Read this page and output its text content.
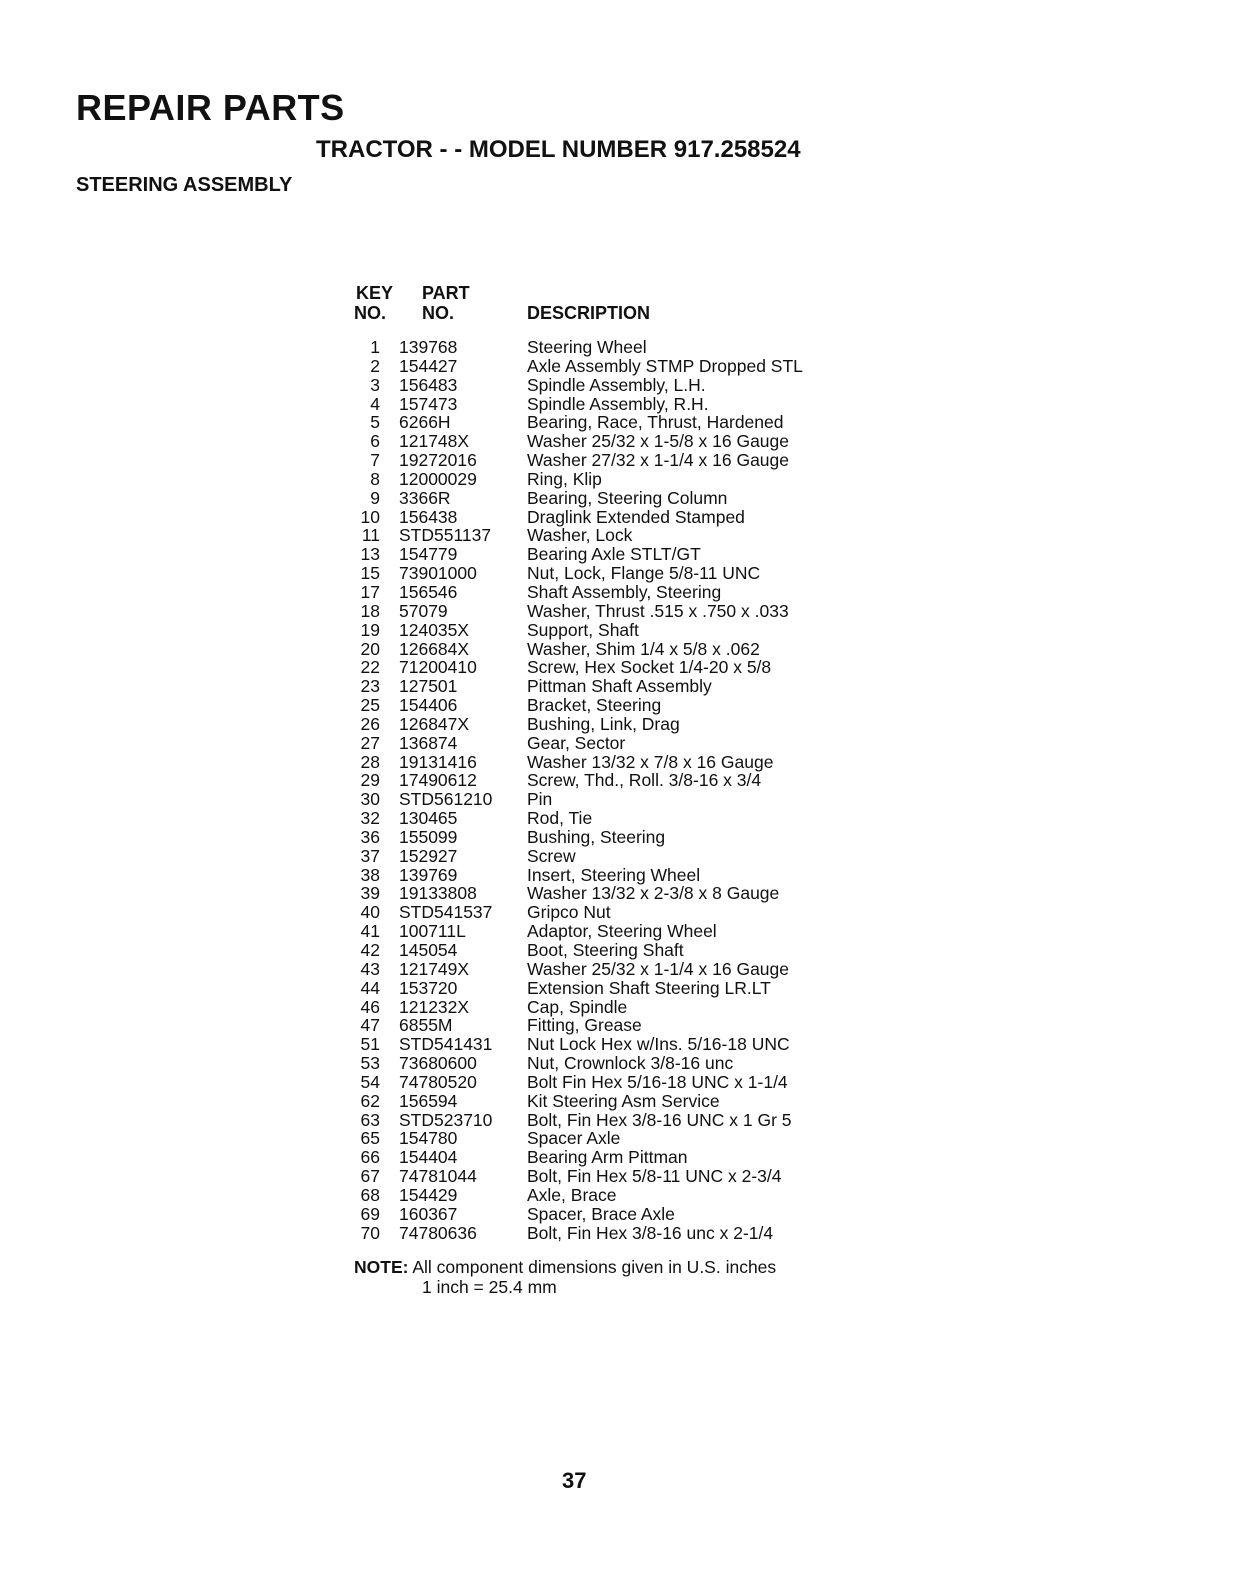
REPAIR PARTS
TRACTOR - - MODEL NUMBER 917.258524
STEERING ASSEMBLY
KEY
NO.
PART
NO.	DESCRIPTION
1	139768	Steering Wheel
2	154427	Axle Assembly STMP Dropped STL
3	156483	Spindle Assembly, L.H.
4	157473	Spindle Assembly, R.H.
5	6266H	Bearing, Race, Thrust, Hardened
6	121748X	Washer 25/32 x 1-5/8 x 16 Gauge
7	19272016	Washer 27/32 x 1-1/4 x 16 Gauge
8	12000029	Ring, Klip
9	3366R	Bearing, Steering Column
10	156438	Draglink Extended Stamped
11	STD551137	Washer, Lock
13	154779	Bearing Axle STLT/GT
15	73901000	Nut, Lock, Flange 5/8-11 UNC
17	156546	Shaft Assembly, Steering
18	57079	Washer, Thrust .515 x .750 x .033
19	124035X	Support, Shaft
20	126684X	Washer, Shim 1/4 x 5/8 x .062
22	71200410	Screw, Hex Socket 1/4-20 x 5/8
23	127501	Pittman Shaft Assembly
25	154406	Bracket, Steering
26	126847X	Bushing, Link, Drag
27	136874	Gear, Sector
28	19131416	Washer 13/32 x 7/8 x 16 Gauge
29	17490612	Screw, Thd., Roll. 3/8-16 x 3/4
30	STD561210	Pin
32	130465	Rod, Tie
36	155099	Bushing, Steering
37	152927	Screw
38	139769	Insert, Steering Wheel
39	19133808	Washer 13/32 x 2-3/8 x 8 Gauge
40	STD541537	Gripco Nut
41	100711L	Adaptor, Steering Wheel
42	145054	Boot, Steering Shaft
43	121749X	Washer 25/32 x 1-1/4 x 16 Gauge
44	153720	Extension Shaft Steering LR.LT
46	121232X	Cap, Spindle
47	6855M	Fitting, Grease
51	STD541431	Nut Lock Hex w/Ins. 5/16-18 UNC
53	73680600	Nut, Crownlock 3/8-16 unc
54	74780520	Bolt Fin Hex 5/16-18 UNC x 1-1/4
62	156594	Kit Steering Asm Service
63	STD523710	Bolt, Fin Hex 3/8-16 UNC x 1 Gr 5
65	154780	Spacer Axle
66	154404	Bearing Arm Pittman
67	74781044	Bolt, Fin Hex 5/8-11 UNC x 2-3/4
68	154429	Axle, Brace
69	160367	Spacer, Brace Axle
70	74780636	Bolt, Fin Hex 3/8-16 unc x 2-1/4
NOTE: All component dimensions given in U.S. inches
1 inch = 25.4 mm
37
